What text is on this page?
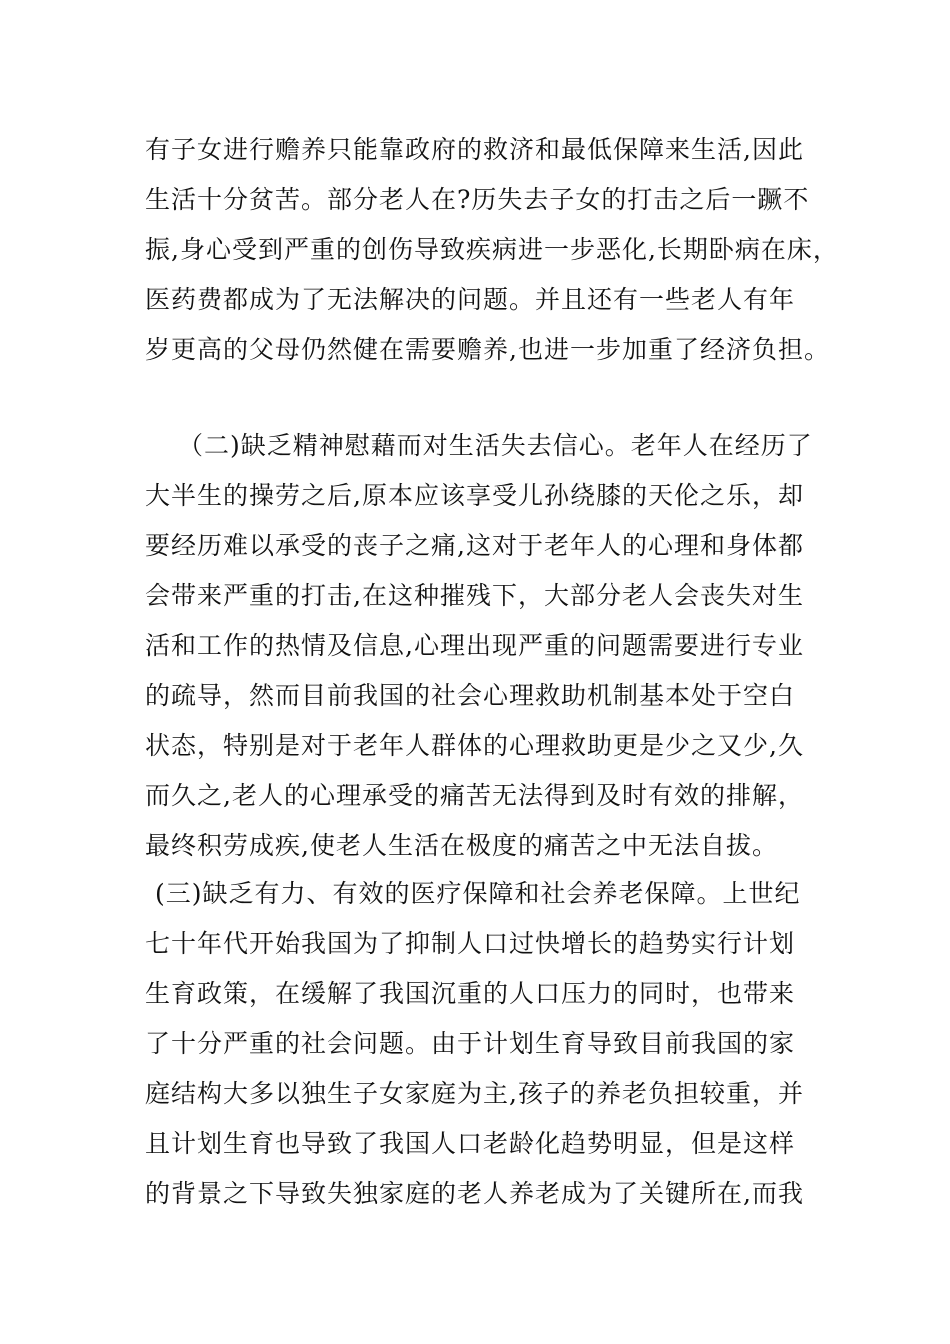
有子女进行赡养只能靠政府的救济和最低保障来生活,因此
生活十分贫苦。部分老人在?历失去子女的打击之后一蹶不
振,身心受到严重的创伤导致疾病进一步恶化,长期卧病在床，
医药费都成为了无法解决的问题。并且还有一些老人有年
岁更高的父母仍然健在需要赡养,也进一步加重了经济负担。
（二)缺乏精神慰藉而对生活失去信心。老年人在经历了
大半生的操劳之后,原本应该享受儿孙绕膝的天伦之乐，却
要经历难以承受的丧子之痛,这对于老年人的心理和身体都
会带来严重的打击,在这种摧残下，大部分老人会丧失对生
活和工作的热情及信息,心理出现严重的问题需要进行专业
的疏导，然而目前我国的社会心理救助机制基本处于空白
状态，特别是对于老年人群体的心理救助更是少之又少,久
而久之,老人的心理承受的痛苦无法得到及时有效的排解，
最终积劳成疾,使老人生活在极度的痛苦之中无法自拔。
(三)缺乏有力、有效的医疗保障和社会养老保障。上世纪
七十年代开始我国为了抑制人口过快增长的趋势实行计划
生育政策，在缓解了我国沉重的人口压力的同时，也带来
了十分严重的社会问题。由于计划生育导致目前我国的家
庭结构大多以独生子女家庭为主,孩子的养老负担较重，并
且计划生育也导致了我国人口老龄化趋势明显，但是这样
的背景之下导致失独家庭的老人养老成为了关键所在,而我
